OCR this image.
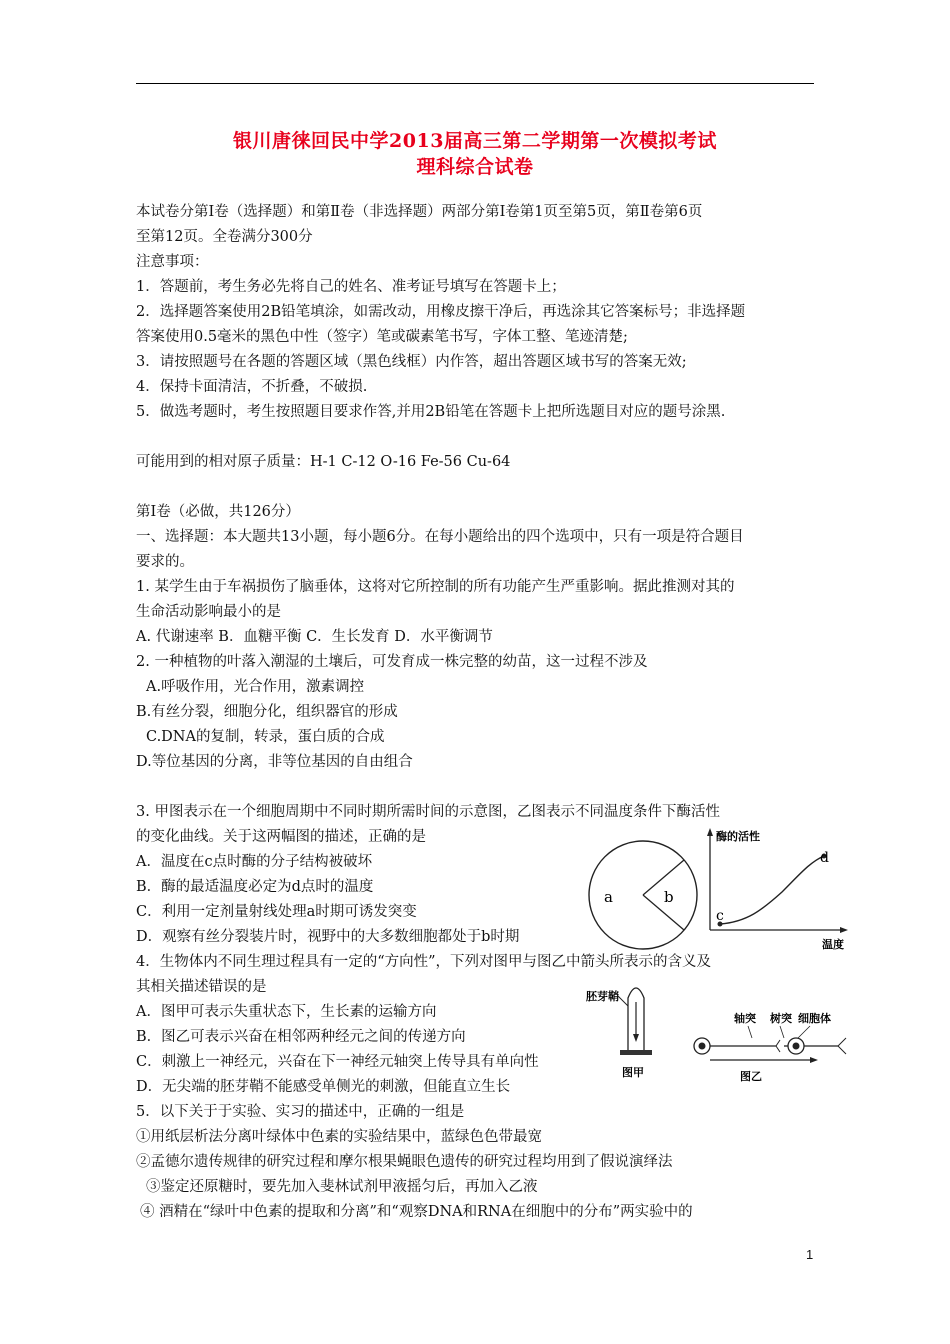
银川唐徕回民中学2013届高三第二学期第一次模拟考试
理科综合试卷
本试卷分第Ⅰ卷（选择题）和第Ⅱ卷（非选择题）两部分第Ⅰ卷第1页至第5页，第Ⅱ卷第6页
至第12页。全卷满分300分
注意事项：
1．答题前，考生务必先将自己的姓名、准考证号填写在答题卡上；
2．选择题答案使用2B铅笔填涂，如需改动，用橡皮擦干净后，再选涂其它答案标号；非选择题
答案使用0.5毫米的黑色中性（签字）笔或碳素笔书写，字体工整、笔迹清楚;
3．请按照题号在各题的答题区域（黑色线框）内作答，超出答题区域书写的答案无效;
4．保持卡面清洁，不折叠，不破损.
5．做选考题时，考生按照题目要求作答,并用2B铅笔在答题卡上把所选题目对应的题号涂黑.
可能用到的相对原子质量：H-1 C-12 O-16 Fe-56 Cu-64
第Ⅰ卷（必做，共126分）
一、选择题：本大题共13小题，每小题6分。在每小题给出的四个选项中，只有一项是符合题目
要求的。
1. 某学生由于车祸损伤了脑垂体，这将对它所控制的所有功能产生严重影响。据此推测对其的
生命活动影响最小的是
A. 代谢速率 B．血糖平衡 C．生长发育 D．水平衡调节
2. 一种植物的叶落入潮湿的土壤后，可发育成一株完整的幼苗，这一过程不涉及
A.呼吸作用，光合作用，激素调控
B.有丝分裂，细胞分化，组织器官的形成
C.DNA的复制，转录，蛋白质的合成
D.等位基因的分离，非等位基因的自由组合
3. 甲图表示在一个细胞周期中不同时期所需时间的示意图，乙图表示不同温度条件下酶活性
的变化曲线。关于这两幅图的描述，正确的是
A．温度在c点时酶的分子结构被破坏
B．酶的最适温度必定为d点时的温度
C．利用一定剂量射线处理a时期可诱发突变
D．观察有丝分裂装片时，视野中的大多数细胞都处于b时期
4．生物体内不同生理过程具有一定的“方向性”，下列对图甲与图乙中箭头所表示的含义及
其相关描述错误的是
A．图甲可表示失重状态下，生长素的运输方向
B．图乙可表示兴奋在相邻两种经元之间的传递方向
C．刺激上一神经元，兴奋在下一神经元轴突上传导具有单向性
D．无尖端的胚芽鞘不能感受单侧光的刺激，但能直立生长
5．以下关于于实验、实习的描述中，正确的一组是
①用纸层析法分离叶绿体中色素的实验结果中，蓝绿色色带最宽
②孟德尔遗传规律的研究过程和摩尔根果蝇眼色遗传的研究过程均用到了假说演绎法
③鉴定还原糖时，要先加入斐林试剂甲液摇匀后，再加入乙液
④ 酒精在“绿叶中色素的提取和分离”和“观察DNA和RNA在细胞中的分布”两实验中的
a	b
酶的活性
温度
c
d
胚芽鞘
图甲
轴突 树突 细胞体
图乙
1
